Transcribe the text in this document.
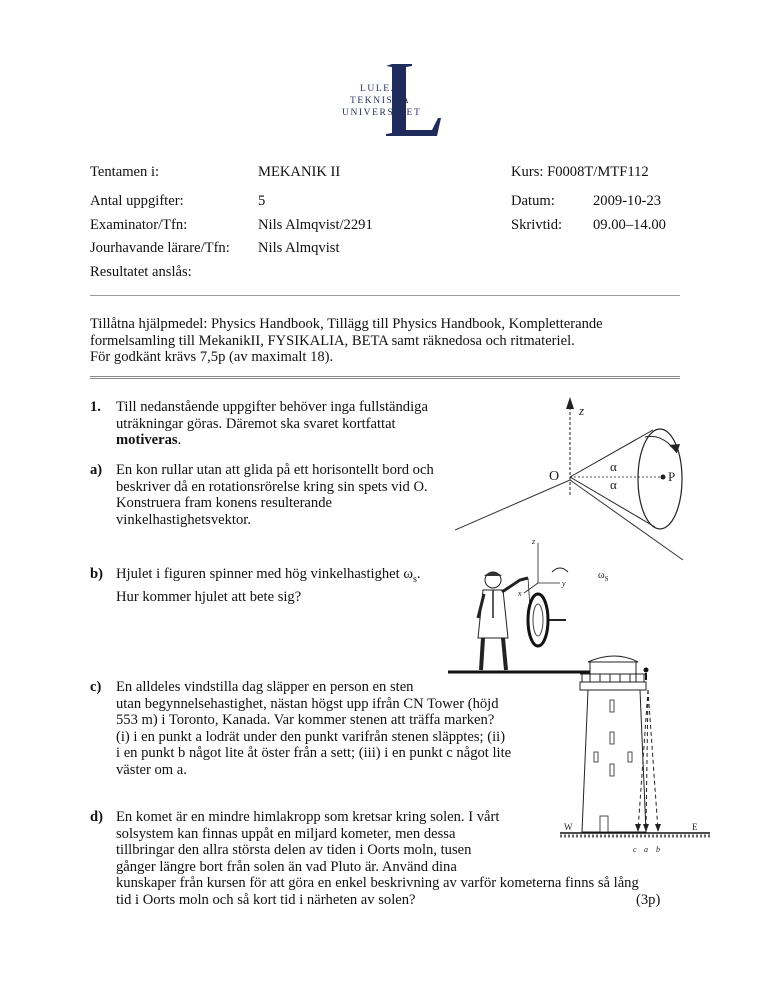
LULEÅ
TEKNISKA
UNIVERSITET
Tentamen i:	MEKANIK II	Kurs: F0008T/MTF112
Antal uppgifter:	5	Datum:	2009-10-23
Examinator/Tfn:	Nils Almqvist/2291	Skrivtid: 09.00–14.00
Jourhavande lärare/Tfn: Nils Almqvist
Resultatet anslås:
Tillåtna hjälpmedel: Physics Handbook, Tillägg till Physics Handbook, Kompletterande
formelsamling till MekanikII, FYSIKALIA, BETA samt räknedosa och ritmateriel.
För godkänt krävs 7,5p (av maximalt 18).
1. Till nedanstående uppgifter behöver inga fullständiga
uträkningar göras. Däremot ska svaret kortfattat
motiveras.
a) En kon rullar utan att glida på ett horisontellt bord och
beskriver då en rotationsrörelse kring sin spets vid O.
Konstruera fram konens resulterande
vinkelhastighetsvektor.
z
O	P
α
α
b) Hjulet i figuren spinner med hög vinkelhastighet $\omega_s$.
Hur kommer hjulet att bete sig?
z
y
x
$\omega_S$
c) En alldeles vindstilla dag släpper en person en sten
utan begynnelsehastighet, nästan högst upp ifrån CN Tower (höjd
553 m) i Toronto, Kanada. Var kommer stenen att träffa marken?
(i) i en punkt a lodrät under den punkt varifrån stenen släpptes; (ii)
i en punkt b något lite åt öster från a sett; (iii) i en punkt c något lite
väster om a.
W	E
c a b
d) En komet är en mindre himlakropp som kretsar kring solen. I vårt
solsystem kan finnas uppåt en miljard kometer, men dessa
tillbringar den allra största delen av tiden i Oorts moln, tusen
gånger längre bort från solen än vad Pluto är. Använd dina
kunskaper från kursen för att göra en enkel beskrivning av varför kometerna finns så lång
tid i Oorts moln och så kort tid i närheten av solen?	(3p)
